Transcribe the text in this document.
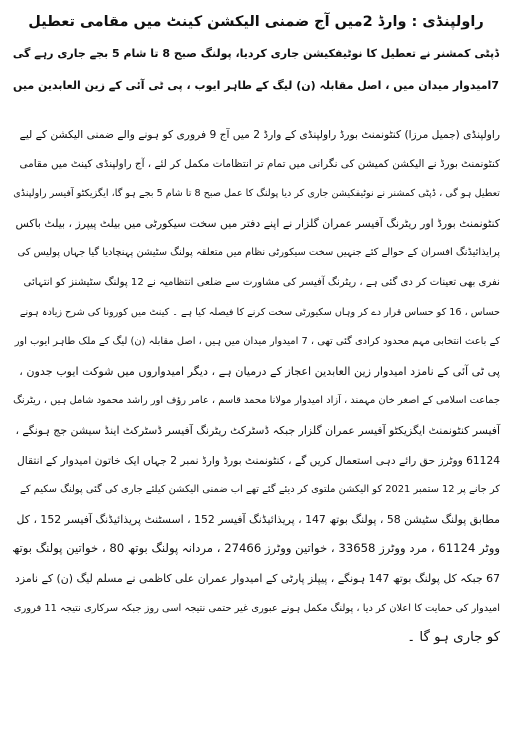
راولپنڈی : وارڈ 2میں آج ضمنی الیکشن کینٹ میں مقامی تعطیل

ڈپٹی کمشنر نے تعطیل کا نوٹیفکیشن جاری کردیا، پولنگ صبح 8 تا شام 5 بجے جاری رہے گی

7امیدوار میدان میں ، اصل مقابلہ (ن) لیگ کے طاہر ایوب ، پی ٹی آئی کے زین العابدین میں

راولپنڈی (جمیل مرزا) کنٹونمنٹ بورڈ راولپنڈی کے وارڈ 2 میں آج 9 فروری کو ہونے والے ضمنی الیکشن کے لیے
کنٹونمنٹ بورڈ نے الیکشن کمیشن کی نگرانی میں تمام تر انتظامات مکمل کر لئے ، آج راولپنڈی کینٹ میں مقامی
تعطیل ہو گی ، ڈپٹی کمشنر نے نوٹیفکیشن جاری کر دیا پولنگ کا عمل صبح 8 تا شام 5 بجے ہو گا، ایگزیکٹو آفیسر راولپنڈی
کنٹونمنٹ بورڈ اور ریٹرنگ آفیسر عمران گلزار نے اپنے دفتر میں سخت سیکورٹی میں بیلٹ پیپرز ، بیلٹ باکس
پرایذائیڈنگ افسران کے حوالے کئے جنہیں سخت سیکورٹی نظام میں متعلقہ پولنگ سٹیشن پہنچادیا گیا جہاں پولیس کی
نفری بھی تعینات کر دی گئی ہے ، ریٹرنگ آفیسر کی مشاورت سے ضلعی انتظامیہ نے 12 پولنگ سٹیشنز کو انتہائی
حساس ، 16 کو حساس قرار دے کر وہاں سکیورٹی سخت کرنے کا فیصلہ کیا ہے ۔ کینٹ میں کورونا کی شرح زیادہ ہونے
کے باعث انتخابی مہم محدود کرادی گئی تھی ، 7 امیدوار میدان میں ہیں ، اصل مقابلہ (ن) لیگ کے ملک طاہر ایوب اور
پی ٹی آئی کے نامزد امیدوار زین العابدین اعجاز کے درمیان ہے ، دیگر امیدواروں میں شوکت ایوب جدون ،
جماعت اسلامی کے اصغر خان مہمند ، آزاد امیدوار مولانا محمد قاسم ، عامر رؤف اور راشد محمود شامل ہیں ، ریٹرنگ
آفیسر کنٹونمنٹ ایگزیکٹو آفیسر عمران گلزار جبکہ ڈسٹرکٹ ریٹرنگ آفیسر ڈسٹرکٹ اینڈ سیشن جج ہونگے ،
61124 ووٹرز حق رائے دہی استعمال کریں گے ، کنٹونمنٹ بورڈ وارڈ نمبر 2 جہاں ایک خاتون امیدوار کے انتقال
کر جانے پر 12 ستمبر 2021 کو الیکشن ملتوی کر دیئے گئے تھے اب ضمنی الیکشن کیلئے جاری کی گئی پولنگ سکیم کے
مطابق پولنگ سٹیشن 58 ، پولنگ بوتھ 147 ، پریذائیڈنگ آفیسر 152 ، اسسٹنٹ پریذائیڈنگ آفیسر 152 ، کل
ووٹر 61124 ، مرد ووٹرز 33658 ، خواتین ووٹرز 27466 ، مردانہ پولنگ بوتھ 80 ، خواتین پولنگ بوتھ
67 جبکہ کل پولنگ بوتھ 147 ہونگے ، پیپلز پارٹی کے امیدوار عمران علی کاظمی نے مسلم لیگ (ن) کے نامزد
امیدوار کی حمایت کا اعلان کر دیا ، پولنگ مکمل ہونے عبوری غیر حتمی نتیجہ اسی روز جبکہ سرکاری نتیجہ 11 فروری
کو جاری ہو گا ۔
